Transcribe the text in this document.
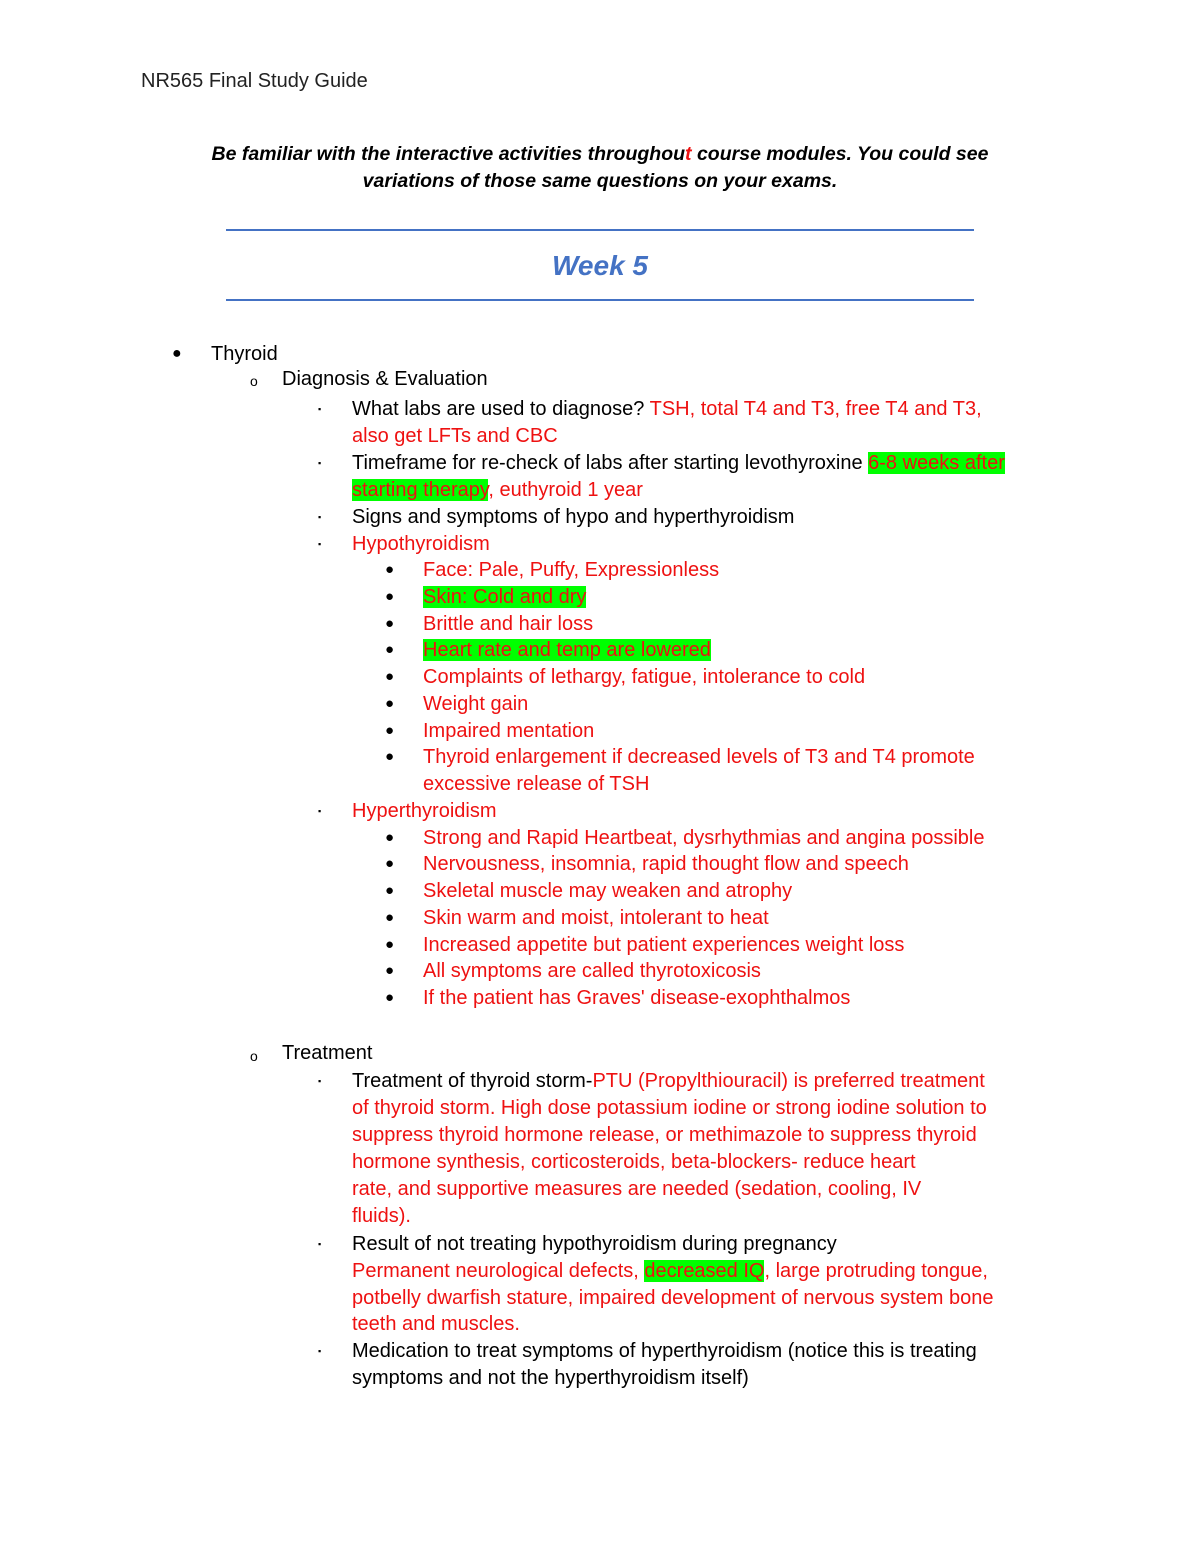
NR565 Final Study Guide
Be familiar with the interactive activities throughout course modules. You could see
variations of those same questions on your exams.
Week 5
● Thyroid
o Diagnosis & Evaluation
▪ What labs are used to diagnose? TSH, total T4 and T3, free T4 and T3,
also get LFTs and CBC
▪ Timeframe for re-check of labs after starting levothyroxine 6-8 weeks after
starting therapy, euthyroid 1 year
▪ Signs and symptoms of hypo and hyperthyroidism
▪ Hypothyroidism
● Face: Pale, Puffy, Expressionless
● Skin: Cold and dry
● Brittle and hair loss
● Heart rate and temp are lowered
● Complaints of lethargy, fatigue, intolerance to cold
● Weight gain
● Impaired mentation
● Thyroid enlargement if decreased levels of T3 and T4 promote
excessive release of TSH
▪ Hyperthyroidism
● Strong and Rapid Heartbeat, dysrhythmias and angina possible
● Nervousness, insomnia, rapid thought flow and speech
● Skeletal muscle may weaken and atrophy
● Skin warm and moist, intolerant to heat
● Increased appetite but patient experiences weight loss
● All symptoms are called thyrotoxicosis
● If the patient has Graves' disease-exophthalmos
o Treatment
▪ Treatment of thyroid storm-PTU (Propylthiouracil) is preferred treatment
of thyroid storm. High dose potassium iodine or strong iodine solution to
suppress thyroid hormone release, or methimazole to suppress thyroid
hormone synthesis, corticosteroids, beta-blockers- reduce heart
rate, and supportive measures are needed (sedation, cooling, IV
fluids).
▪ Result of not treating hypothyroidism during pregnancy
Permanent neurological defects, decreased IQ, large protruding tongue,
potbelly dwarfish stature, impaired development of nervous system bone
teeth and muscles.
▪ Medication to treat symptoms of hyperthyroidism (notice this is treating
symptoms and not the hyperthyroidism itself)
